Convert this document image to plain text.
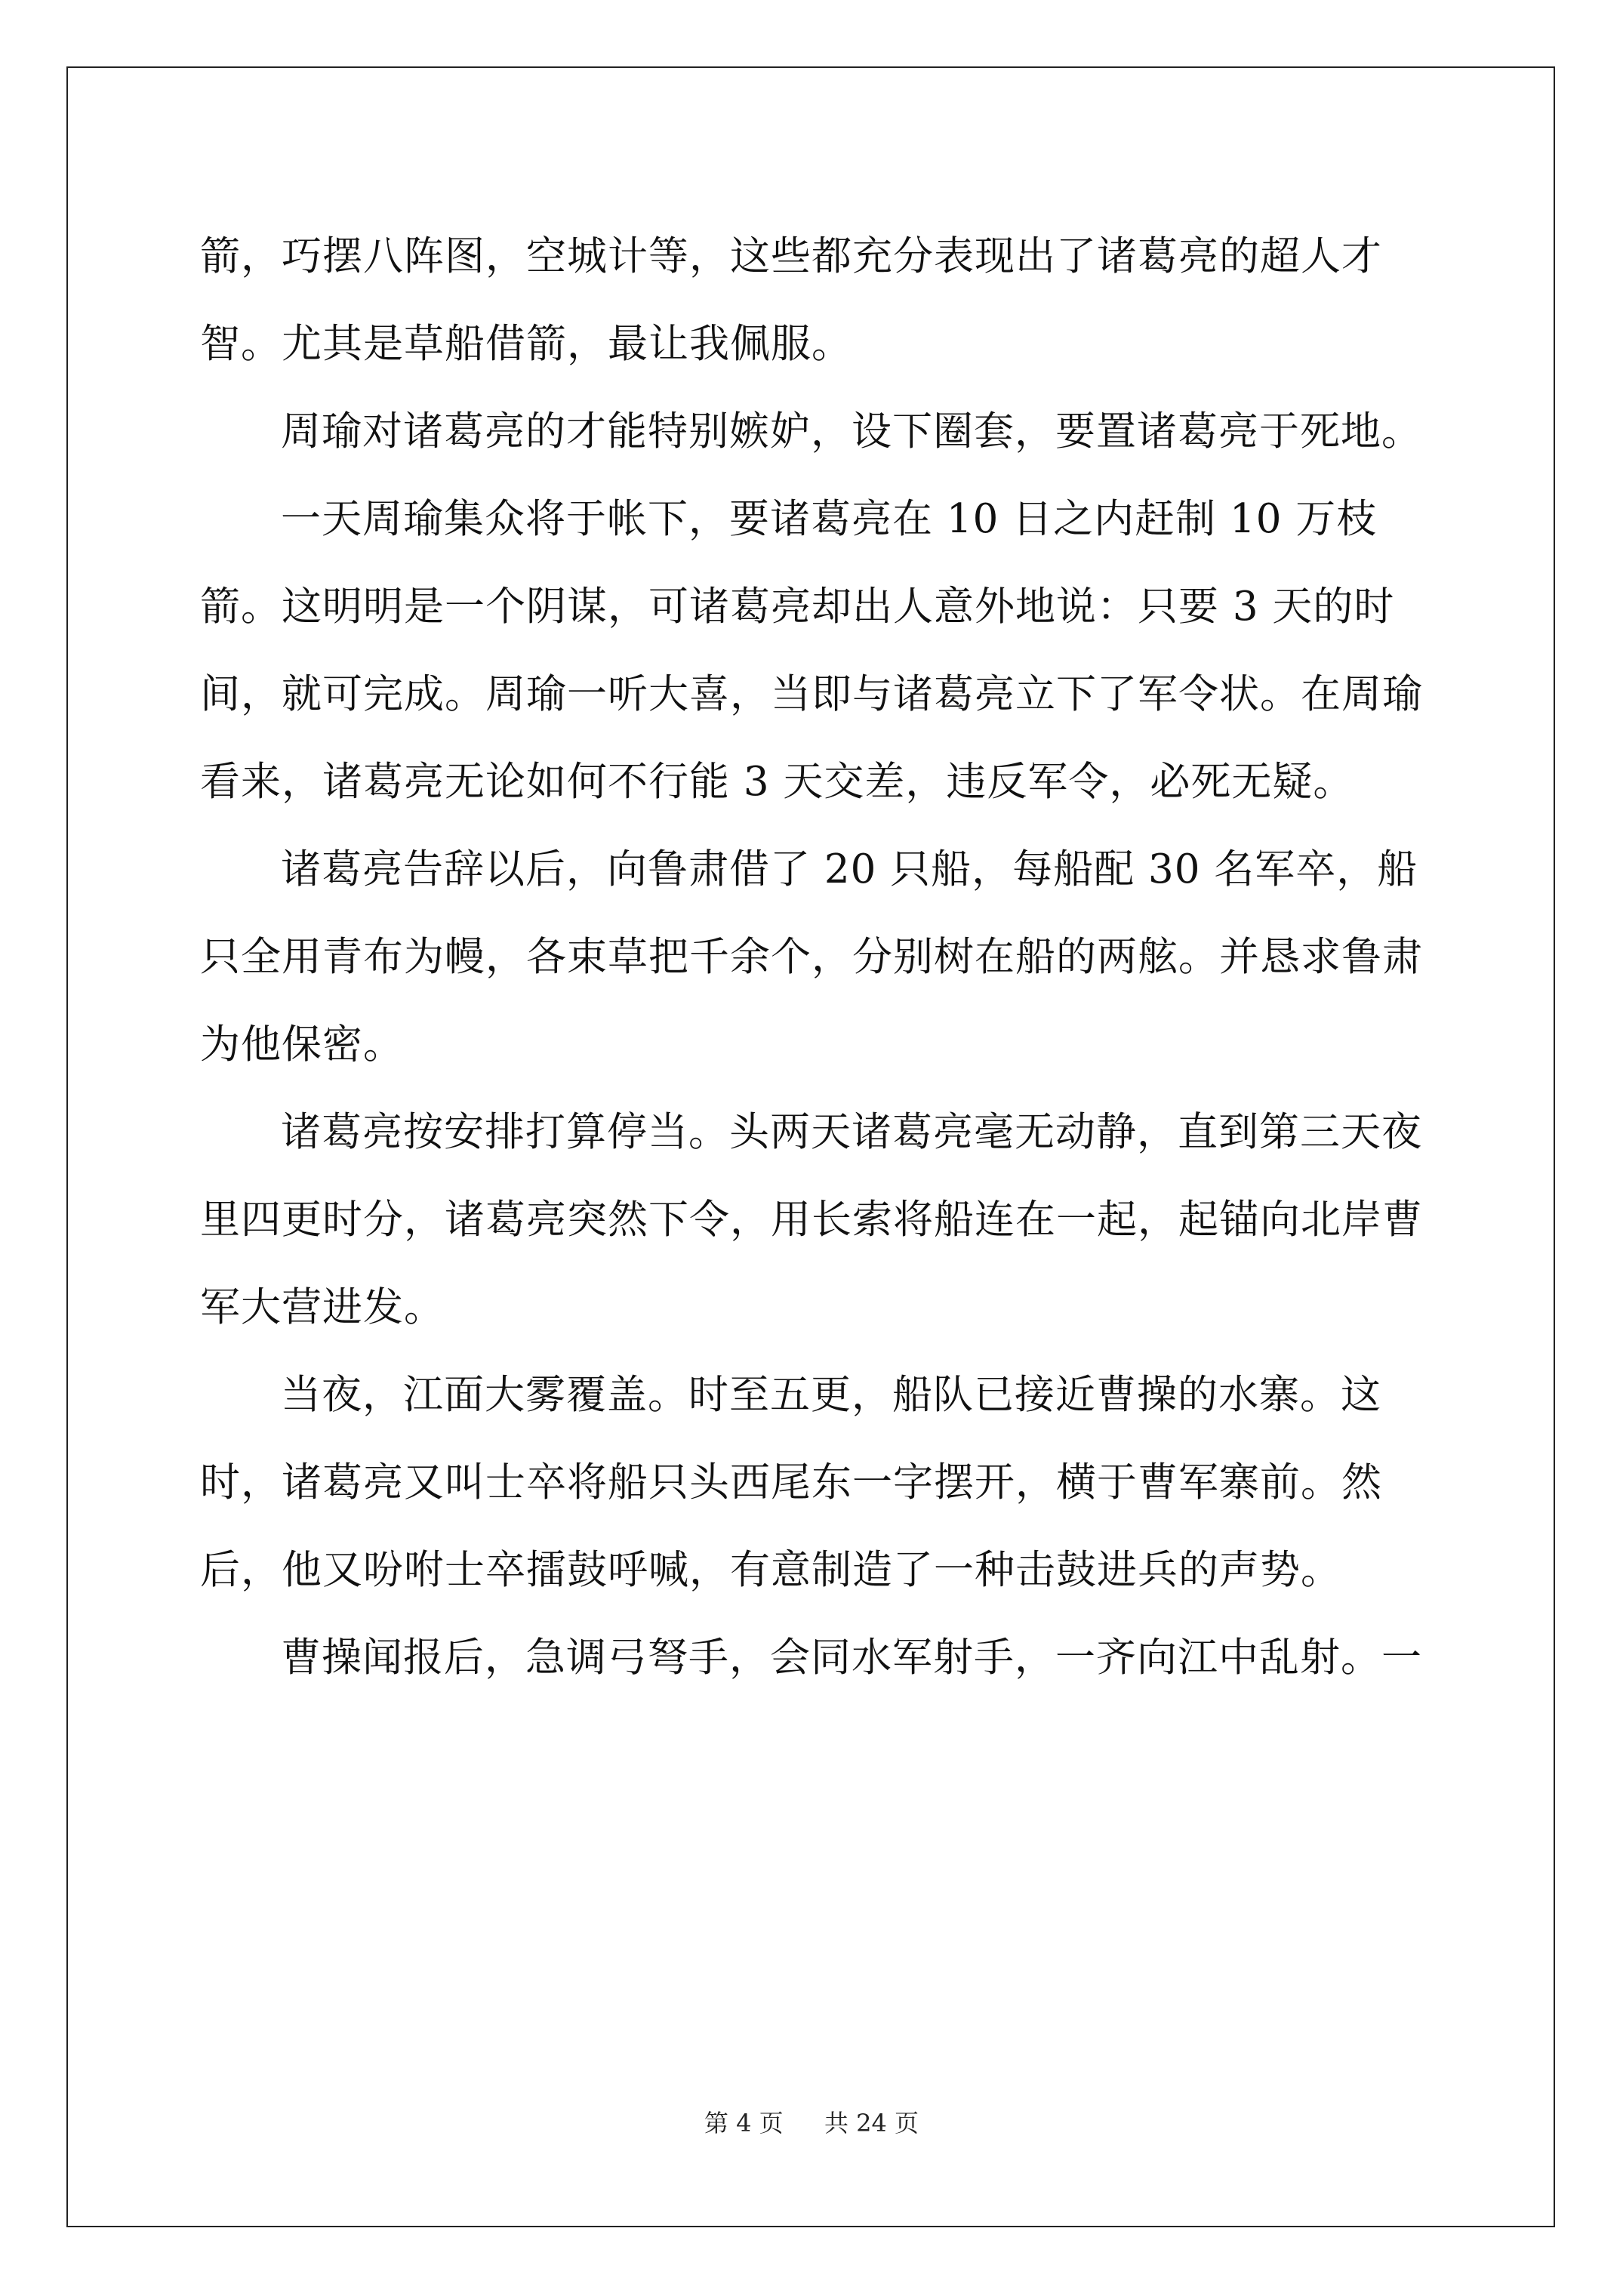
箭，巧摆八阵图，空城计等，这些都充分表现出了诸葛亮的超人才智。尤其是草船借箭，最让我佩服。

周瑜对诸葛亮的才能特别嫉妒，设下圈套，要置诸葛亮于死地。

一天周瑜集众将于帐下，要诸葛亮在 10 日之内赶制 10 万枝箭。这明明是一个阴谋，可诸葛亮却出人意外地说：只要 3 天的时间，就可完成。周瑜一听大喜，当即与诸葛亮立下了军令状。在周瑜看来，诸葛亮无论如何不行能 3 天交差，违反军令，必死无疑。

诸葛亮告辞以后，向鲁肃借了 20 只船，每船配 30 名军卒，船只全用青布为幔，各束草把千余个，分别树在船的两舷。并恳求鲁肃为他保密。

诸葛亮按安排打算停当。头两天诸葛亮毫无动静，直到第三天夜里四更时分，诸葛亮突然下令，用长索将船连在一起，起锚向北岸曹军大营进发。

当夜，江面大雾覆盖。时至五更，船队已接近曹操的水寨。这时，诸葛亮又叫士卒将船只头西尾东一字摆开，横于曹军寨前。然后，他又吩咐士卒擂鼓呼喊，有意制造了一种击鼓进兵的声势。

曹操闻报后，急调弓弩手，会同水军射手，一齐向江中乱射。一

第 4 页 共 24 页
